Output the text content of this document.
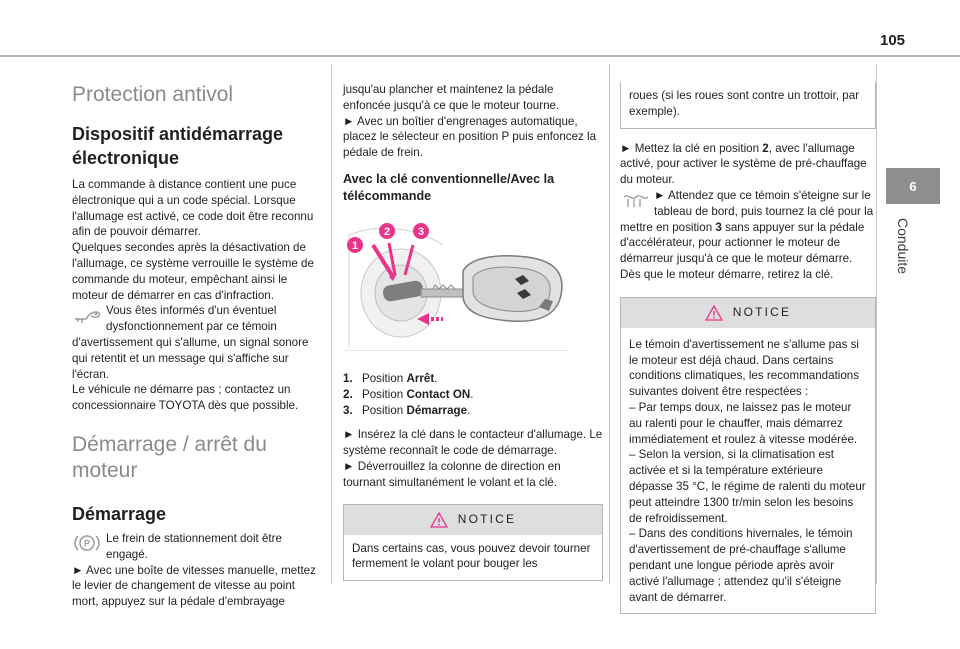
105
6
Conduite
Protection antivol
Dispositif antidémarrage électronique

La commande à distance contient une puce électronique qui a un code spécial. Lorsque l'allumage est activé, ce code doit être reconnu afin de pouvoir démarrer.

Quelques secondes après la désactivation de l'allumage, ce système verrouille le système de commande du moteur, empêchant ainsi le moteur de démarrer en cas d'infraction.

Vous êtes informés d'un éventuel dysfonctionnement par ce témoin d'avertissement qui s'allume, un signal sonore qui retentit et un message qui s'affiche sur l'écran.

Le véhicule ne démarre pas ; contactez un concessionnaire TOYOTA dès que possible.

Démarrage / arrêt du moteur
Démarrage

P Le frein de stationnement doit être engagé.

► Avec une boîte de vitesses manuelle, mettez le levier de changement de vitesse au point mort, appuyez sur la pédale d'embrayage

jusqu'au plancher et maintenez la pédale enfoncée jusqu'à ce que le moteur tourne.

► Avec un boîtier d'engrenages automatique, placez le sélecteur en position P puis enfoncez la pédale de frein.

Avec la clé conventionnelle/Avec la télécommande
1
2	3
1. Position Arrêt.
2. Position Contact ON.
3. Position Démarrage.

► Insérez la clé dans le contacteur d'allumage. Le système reconnaît le code de démarrage.

► Déverrouillez la colonne de direction en tournant simultanément le volant et la clé.

NOTICE
Dans certains cas, vous pouvez devoir tourner fermement le volant pour bouger les
roues (si les roues sont contre un trottoir, par exemple).

► Mettez la clé en position 2, avec l'allumage activé, pour activer le système de pré-chauffage du moteur.

► Attendez que ce témoin s'éteigne sur le tableau de bord, puis tournez la clé pour la mettre en position 3 sans appuyer sur la pédale d'accélérateur, pour actionner le moteur de démarreur jusqu'à ce que le moteur démarre.

Dès que le moteur démarre, retirez la clé.

NOTICE

Le témoin d'avertissement ne s'allume pas si le moteur est déjà chaud. Dans certains conditions climatiques, les recommandations suivantes doivent être respectées :

– Par temps doux, ne laissez pas le moteur au ralenti pour le chauffer, mais démarrez immédiatement et roulez à vitesse modérée.

– Selon la version, si la climatisation est activée et si la température extérieure dépasse 35 °C, le régime de ralenti du moteur peut atteindre 1300 tr/min selon les besoins de refroidissement.

– Dans des conditions hivernales, le témoin d'avertissement de pré-chauffage s'allume pendant une longue période après avoir activé l'allumage ; attendez qu'il s'éteigne avant de démarrer.
